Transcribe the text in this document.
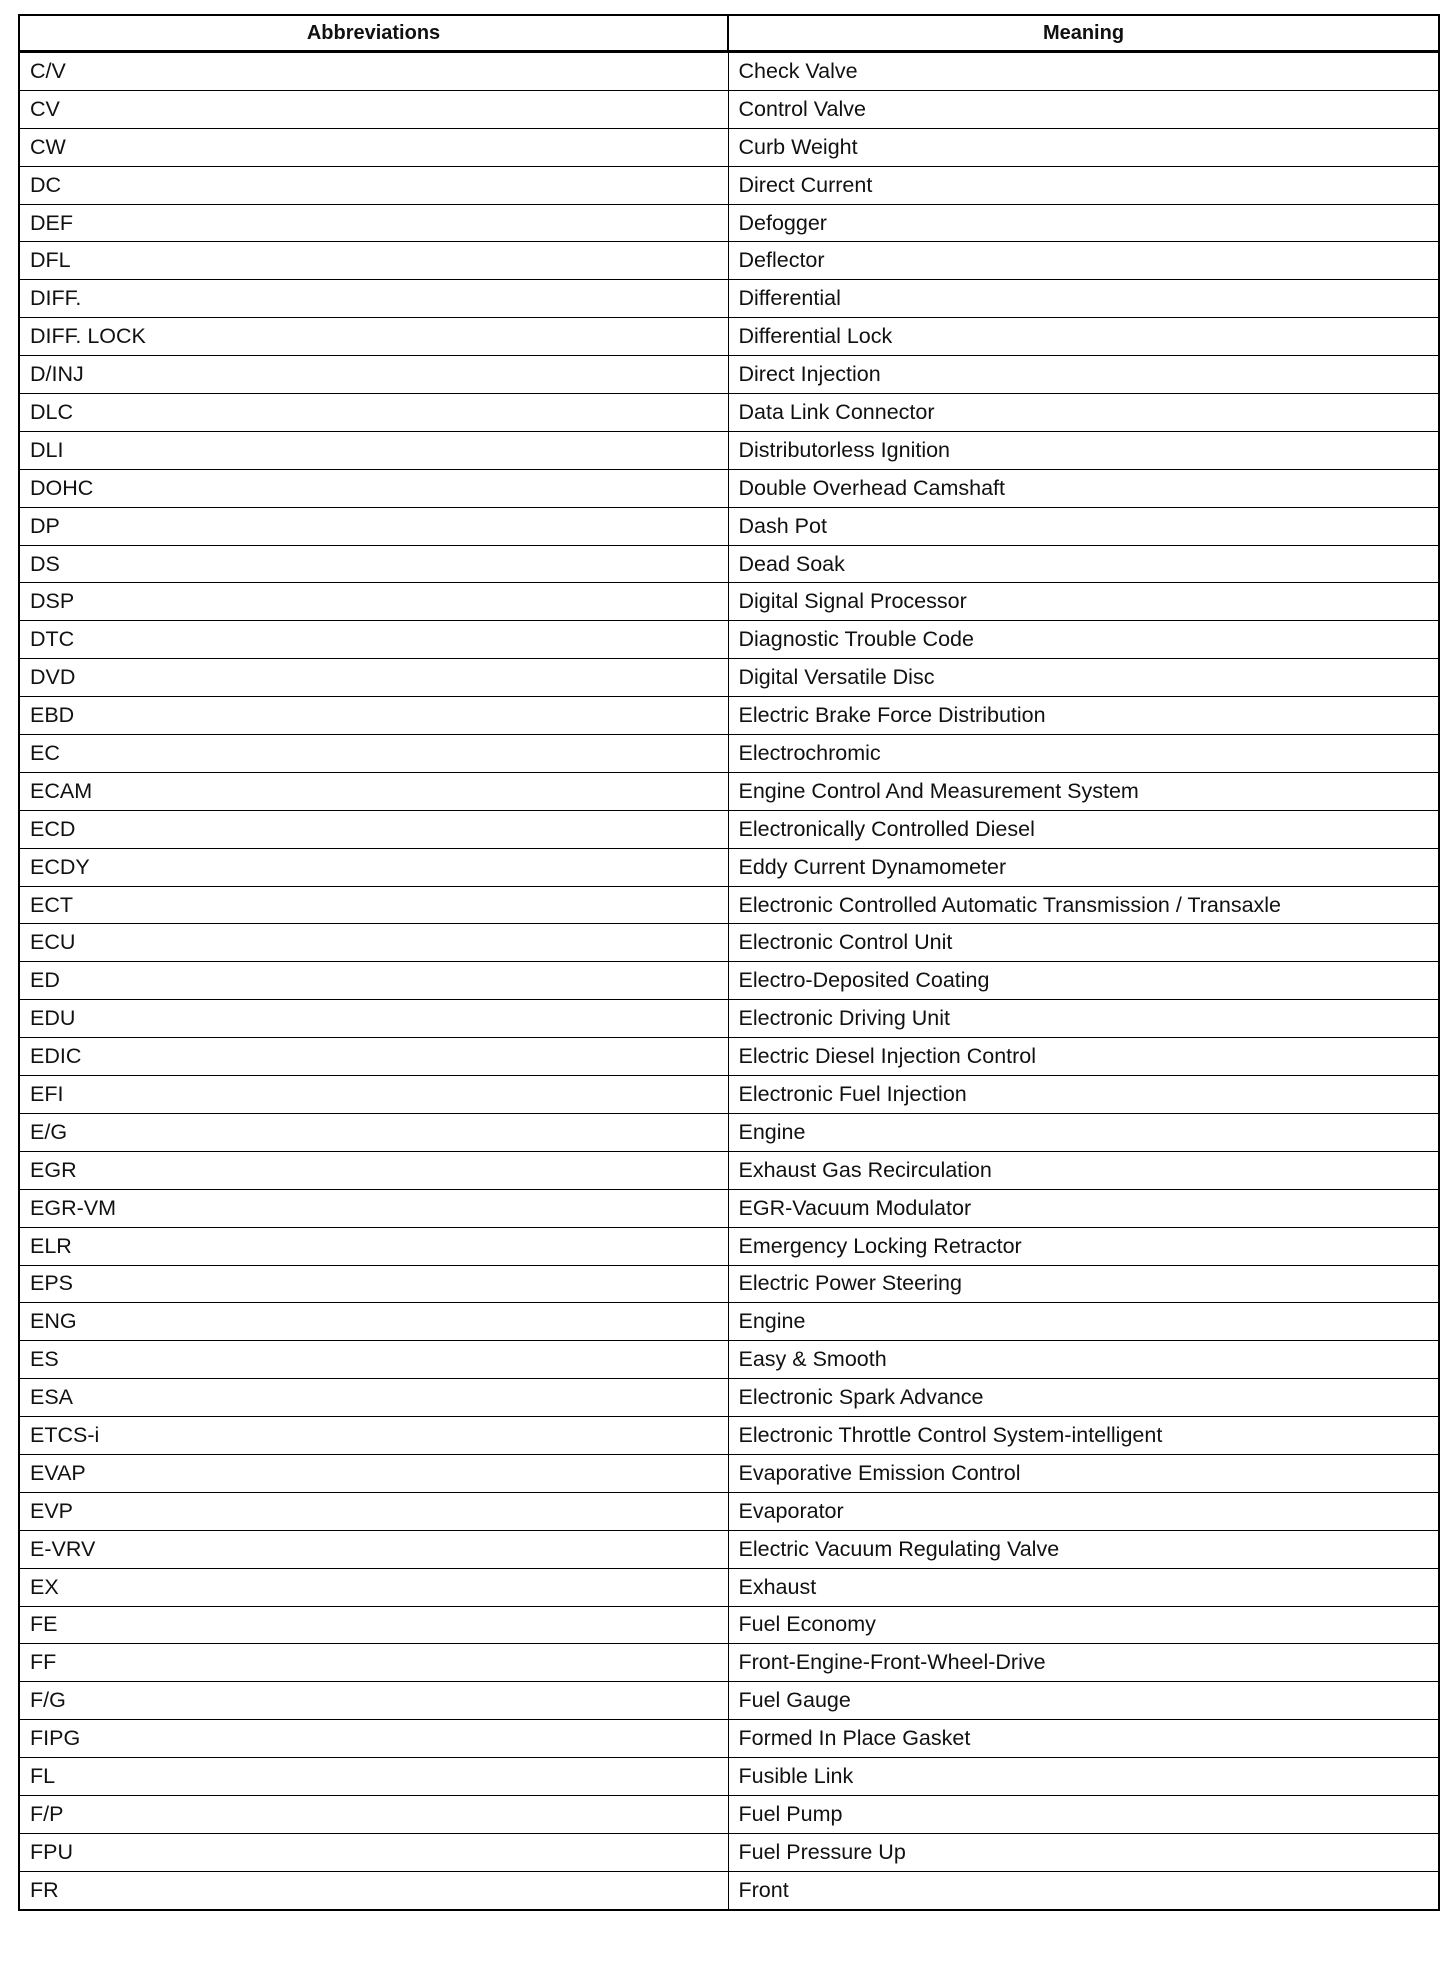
Abbreviations	Meaning
C/V	Check Valve
CV	Control Valve
CW	Curb Weight
DC	Direct Current
DEF	Defogger
DFL	Deflector
DIFF.	Differential
DIFF. LOCK	Differential Lock
D/INJ	Direct Injection
DLC	Data Link Connector
DLI	Distributorless Ignition
DOHC	Double Overhead Camshaft
DP	Dash Pot
DS	Dead Soak
DSP	Digital Signal Processor
DTC	Diagnostic Trouble Code
DVD	Digital Versatile Disc
EBD	Electric Brake Force Distribution
EC	Electrochromic
ECAM	Engine Control And Measurement System
ECD	Electronically Controlled Diesel
ECDY	Eddy Current Dynamometer
ECT	Electronic Controlled Automatic Transmission / Transaxle
ECU	Electronic Control Unit
ED	Electro-Deposited Coating
EDU	Electronic Driving Unit
EDIC	Electric Diesel Injection Control
EFI	Electronic Fuel Injection
E/G	Engine
EGR	Exhaust Gas Recirculation
EGR-VM	EGR-Vacuum Modulator
ELR	Emergency Locking Retractor
EPS	Electric Power Steering
ENG	Engine
ES	Easy & Smooth
ESA	Electronic Spark Advance
ETCS-i	Electronic Throttle Control System-intelligent
EVAP	Evaporative Emission Control
EVP	Evaporator
E-VRV	Electric Vacuum Regulating Valve
EX	Exhaust
FE	Fuel Economy
FF	Front-Engine-Front-Wheel-Drive
F/G	Fuel Gauge
FIPG	Formed In Place Gasket
FL	Fusible Link
F/P	Fuel Pump
FPU	Fuel Pressure Up
FR	Front
